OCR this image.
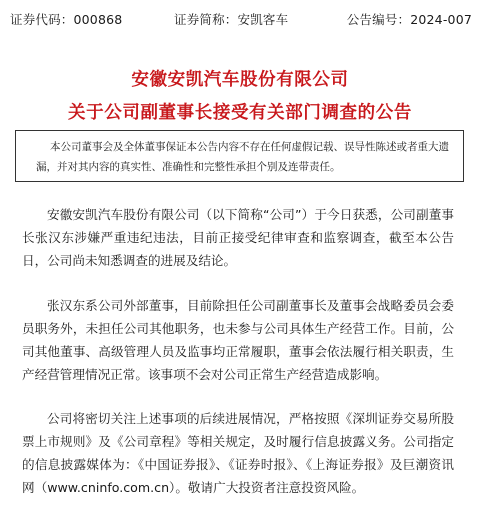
证券代码：000868	证券简称：安凯客车	公告编号：2024-007
安徽安凯汽车股份有限公司
关于公司副董事长接受有关部门调查的公告
本公司董事会及全体董事保证本公告内容不存在任何虚假记载、误导性陈述或者重大遗漏，并对其内容的真实性、准确性和完整性承担个别及连带责任。

安徽安凯汽车股份有限公司（以下简称“公司”）于今日获悉，公司副董事长张汉东涉嫌严重违纪违法，目前正接受纪律审查和监察调查，截至本公告日，公司尚未知悉调查的进展及结论。

张汉东系公司外部董事，目前除担任公司副董事长及董事会战略委员会委员职务外，未担任公司其他职务，也未参与公司具体生产经营工作。目前，公司其他董事、高级管理人员及监事均正常履职，董事会依法履行相关职责，生产经营管理情况正常。该事项不会对公司正常生产经营造成影响。

公司将密切关注上述事项的后续进展情况，严格按照《深圳证券交易所股票上市规则》及《公司章程》等相关规定，及时履行信息披露义务。公司指定的信息披露媒体为：《中国证券报》、《证券时报》、《上海证券报》及巨潮资讯网（www.cninfo.com.cn）。敬请广大投资者注意投资风险。
